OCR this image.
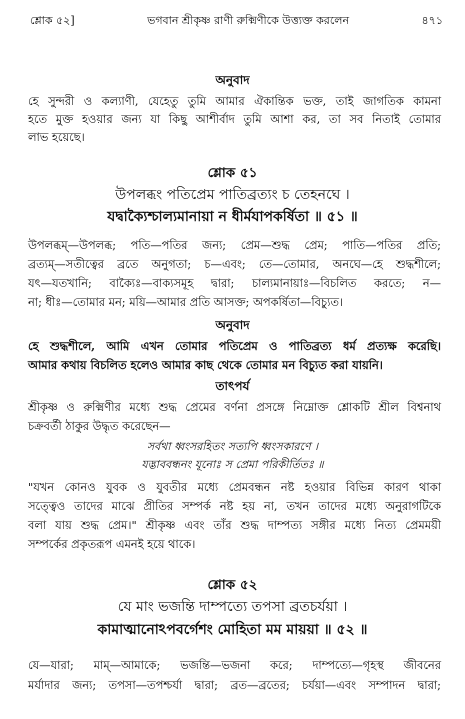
শ্লোক ৫২]	ভগবান শ্রীকৃষ্ণ রাণী রুক্মিণীকে উত্ত্যক্ত করলেন	৪৭১
অনুবাদ
হে সুন্দরী ও কল্যাণী, যেহেতু তুমি আমার ঐকান্তিক ভক্ত, তাই জাগতিক কামনা
হতে মুক্ত হওয়ার জন্য যা কিছু আশীর্বাদ তুমি আশা কর, তা সব নিতাই তোমার
লাভ হয়েছে।
শ্লোক ৫১
উপলব্ধং পতিপ্রেম পাতিব্রত্যং চ তেহনঘে ।
যদ্বাক্যৈশ্চাল্যমানায়া ন ধীর্মযাপকর্ষিতা ॥ ৫১ ॥
উপলব্ধম্—উপলব্ধ; পতি—পতির জন্য; প্রেম—শুদ্ধ প্রেম; পাতি—পতির প্রতি;
ব্রত্যম্—সতীত্বের ব্রতে অনুগতা; চ—এবং; তে—তোমার, অনঘে—হে শুদ্ধশীলে;
যৎ—যতখানি; বাক্যৈঃ—বাক্যসমূহ দ্বারা; চাল্যমানায়াঃ—বিচলিত করতে; ন—
না; ধীঃ—তোমার মন; ময়ি—আমার প্রতি আসক্ত; অপকর্ষিতা—বিচ্যুত।
অনুবাদ
হে শুদ্ধশীলে, আমি এখন তোমার পতিপ্রেম ও পাতিব্রত্য ধর্ম প্রত্যক্ষ করেছি।
আমার কথায় বিচলিত হলেও আমার কাছ থেকে তোমার মন বিচ্যুত করা যায়নি।
তাৎপর্য
শ্রীকৃষ্ণ ও রুক্মিণীর মধ্যে শুদ্ধ প্রেমের বর্ণনা প্রসঙ্গে নিম্নোক্ত শ্লোকটি শ্রীল বিশ্বনাথ
চক্রবর্তী ঠাকুর উদ্ধৃত করেছেন—
সর্বথা ধ্বংসরহিতং সত্যপি ধ্বংসকারণে ।
যদ্ভাববন্ধনং যূনোঃ স প্রেমা পরিকীর্তিতঃ ॥
"যখন কোনও যুবক ও যুবতীর মধ্যে প্রেমবন্ধন নষ্ট হওয়ার বিভিন্ন কারণ থাকা
সত্ত্বেও তাদের মাঝে প্রীতির সম্পর্ক নষ্ট হয় না, তখন তাদের মধ্যে অনুরাগটিকে
বলা যায় শুদ্ধ প্রেম।" শ্রীকৃষ্ণ এবং তাঁর শুদ্ধ দাম্পত্য সঙ্গীর মধ্যে নিত্য প্রেমময়ী
সম্পর্কের প্রকৃতরূপ এমনই হয়ে থাকে।
শ্লোক ৫২
যে মাং ভজন্তি দাম্পত্যে তপসা ব্রতচর্যয়া ।
কামাত্মানোঽপবর্গেশং মোহিতা মম মায়য়া ॥ ৫২ ॥
যে—যারা; মাম্—আমাকে; ভজন্তি—ভজনা করে; দাম্পত্যে—গৃহস্থ জীবনের
মর্যাদার জন্য; তপসা—তপশ্চর্যা দ্বারা; ব্রত—ব্রতের; চর্যয়া—এবং সম্পাদন দ্বারা;
